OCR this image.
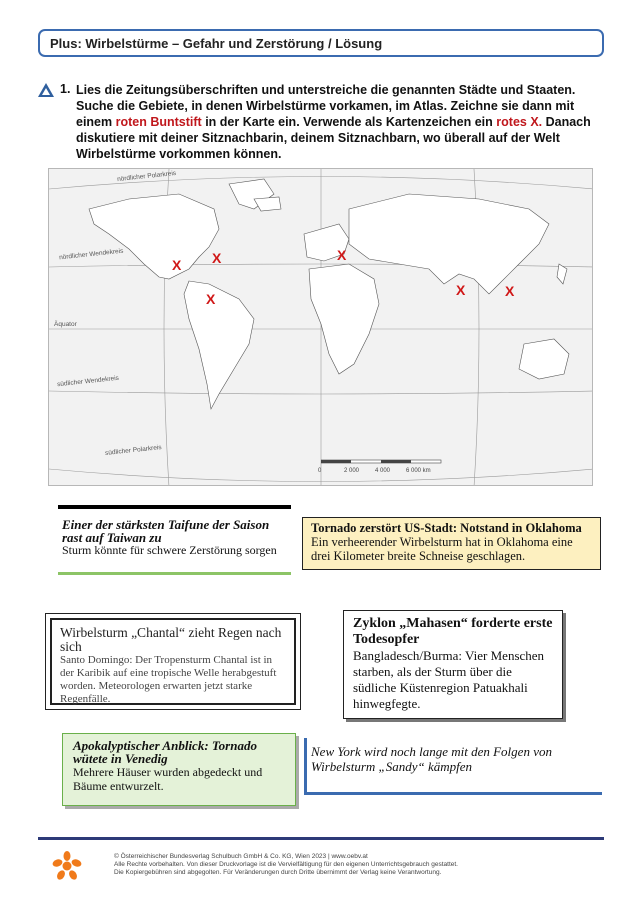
Plus: Wirbelstürme – Gefahr und Zerstörung / Lösung
1. Lies die Zeitungsüberschriften und unterstreiche die genannten Städte und Staaten. Suche die Gebiete, in denen Wirbelstürme vorkamen, im Atlas. Zeichne sie dann mit einem roten Buntstift in der Karte ein. Verwende als Kartenzeichen ein rotes X. Danach diskutiere mit deiner Sitznachbarin, deinem Sitznachbarn, wo überall auf der Welt Wirbelstürme vorkommen können.
nördlicher Polarkreis
nördlicher Wendekreis
Äquator
südlicher Wendekreis
südlicher Polarkreis
X X
X
X
X	X
0	2 000	4 000	6 000 km
Einer der stärksten Taifune der Saison rast auf Taiwan zu
Sturm könnte für schwere Zerstörung sorgen
Tornado zerstört US-Stadt: Notstand in Oklahoma
Ein verheerender Wirbelsturm hat in Oklahoma eine drei Kilometer breite Schneise geschlagen.
Wirbelsturm „Chantal“ zieht Regen nach sich
Santo Domingo: Der Tropensturm Chantal ist in der Karibik auf eine tropische Welle herabgestuft worden. Meteorologen erwarten jetzt starke Regenfälle.
Zyklon „Mahasen“ forderte erste Todesopfer
Bangladesch/Burma: Vier Menschen starben, als der Sturm über die südliche Küstenregion Patuakhali hinwegfegte.
Apokalyptischer Anblick: Tornado wütete in Venedig
Mehrere Häuser wurden abgedeckt und Bäume entwurzelt.
New York wird noch lange mit den Folgen von Wirbelsturm „Sandy“ kämpfen
© Österreichischer Bundesverlag Schulbuch GmbH & Co. KG, Wien 2023 | www.oebv.at
Alle Rechte vorbehalten. Von dieser Druckvorlage ist die Vervielfältigung für den eigenen Unterrichtsgebrauch gestattet.
Die Kopiergebühren sind abgegolten. Für Veränderungen durch Dritte übernimmt der Verlag keine Verantwortung.
